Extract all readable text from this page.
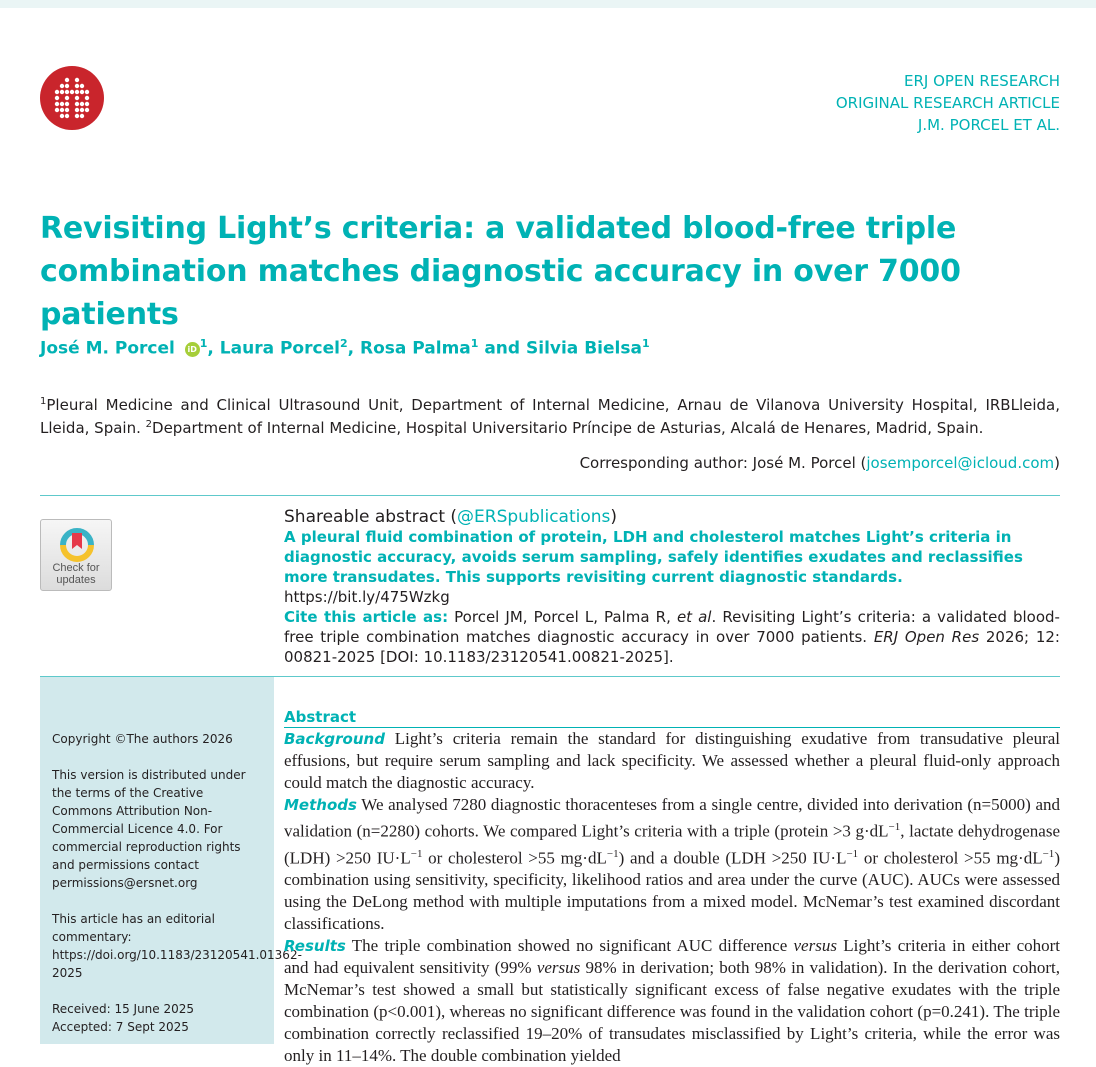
ERJ OPEN RESEARCH
ORIGINAL RESEARCH ARTICLE
J.M. PORCEL ET AL.
Revisiting Light’s criteria: a validated blood-free triple combination matches diagnostic accuracy in over 7000 patients
José M. Porcel iD $^1$, Laura Porcel$^2$, Rosa Palma$^1$ and Silvia Bielsa$^1$
$^1$Pleural Medicine and Clinical Ultrasound Unit, Department of Internal Medicine, Arnau de Vilanova University Hospital, IRBLleida, Lleida, Spain. $^2$Department of Internal Medicine, Hospital Universitario Príncipe de Asturias, Alcalá de Henares, Madrid, Spain.
Corresponding author: José M. Porcel (josemporcel@icloud.com)
Check for updates
Shareable abstract (@ERSpublications)
A pleural fluid combination of protein, LDH and cholesterol matches Light’s criteria in diagnostic accuracy, avoids serum sampling, safely identifies exudates and reclassifies more transudates. This supports revisiting current diagnostic standards. https://bit.ly/475Wzkg
Cite this article as: Porcel JM, Porcel L, Palma R, et al. Revisiting Light’s criteria: a validated blood-free triple combination matches diagnostic accuracy in over 7000 patients. ERJ Open Res 2026; 12: 00821-2025 [DOI: 10.1183/23120541.00821-2025].

Copyright ©The authors 2026

This version is distributed under the terms of the Creative Commons Attribution Non-Commercial Licence 4.0. For commercial reproduction rights and permissions contact permissions@ersnet.org

This article has an editorial commentary: https://doi.org/10.1183/23120541.01362-2025

Received: 15 June 2025
Accepted: 7 Sept 2025
Abstract

Background Light’s criteria remain the standard for distinguishing exudative from transudative pleural effusions, but require serum sampling and lack specificity. We assessed whether a pleural fluid-only approach could match the diagnostic accuracy.

Methods We analysed 7280 diagnostic thoracenteses from a single centre, divided into derivation (n=5000) and validation (n=2280) cohorts. We compared Light’s criteria with a triple (protein >3 $g\cdot dL^{-1}$, lactate dehydrogenase (LDH) >250 $IU\cdot L^{-1}$ or cholesterol >55 $mg\cdot dL^{-1}$) and a double (LDH >250 $IU\cdot L^{-1}$ or cholesterol >55 $mg\cdot dL^{-1}$) combination using sensitivity, specificity, likelihood ratios and area under the curve (AUC). AUCs were assessed using the DeLong method with multiple imputations from a mixed model. McNemar’s test examined discordant classifications.

Results The triple combination showed no significant AUC difference versus Light’s criteria in either cohort and had equivalent sensitivity (99% versus 98% in derivation; both 98% in validation). In the derivation cohort, McNemar’s test showed a small but statistically significant excess of false negative exudates with the triple combination (p<0.001), whereas no significant difference was found in the validation cohort (p=0.241). The triple combination correctly reclassified 19–20% of transudates misclassified by Light’s criteria, while the error was only in 11–14%. The double combination yielded
